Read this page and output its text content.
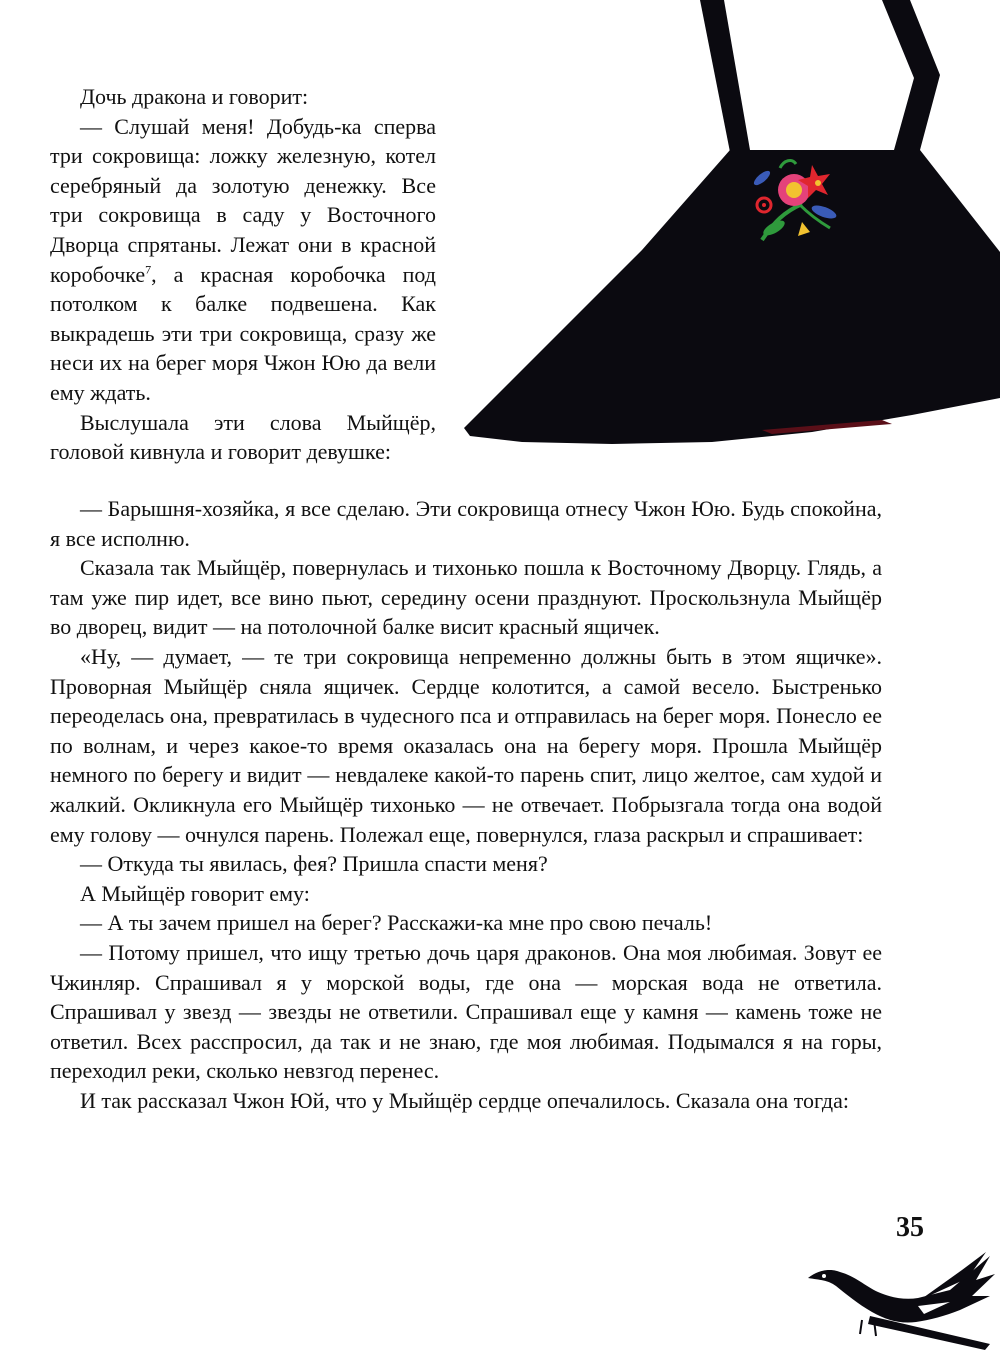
Дочь дракона и говорит:

— Слушай меня! Добудь-ка сперва три сокровища: ложку железную, котел серебряный да золотую денежку. Все три сокровища в саду у Восточного Дворца спрятаны. Лежат они в красной коробочке$^7$, а красная коробочка под потолком к балке подвешена. Как выкрадешь эти три сокровища, сразу же неси их на берег моря Чжон Юю да вели ему ждать.

Выслушала эти слова Мыйщёр, головой кивнула и говорит девушке:

— Барышня-хозяйка, я все сделаю. Эти сокровища отнесу Чжон Юю. Будь спокойна, я все исполню.

Сказала так Мыйщёр, повернулась и тихонько пошла к Восточному Дворцу. Глядь, а там уже пир идет, все вино пьют, середину осени празднуют. Проскользнула Мыйщёр во дворец, видит — на потолочной балке висит красный ящичек.

«Ну, — думает, — те три сокровища непременно должны быть в этом ящичке». Проворная Мыйщёр сняла ящичек. Сердце колотится, а самой весело. Быстренько переоделась она, превратилась в чудесного пса и отправилась на берег моря. Понесло ее по волнам, и через какое-то время оказалась она на берегу моря. Прошла Мыйщёр немного по берегу и видит — невдалеке какой-то парень спит, лицо желтое, сам худой и жалкий. Окликнула его Мыйщёр тихонько — не отвечает. Побрызгала тогда она водой ему голову — очнулся парень. Полежал еще, повернулся, глаза раскрыл и спрашивает:

— Откуда ты явилась, фея? Пришла спасти меня?

А Мыйщёр говорит ему:

— А ты зачем пришел на берег? Расскажи-ка мне про свою печаль!

— Потому пришел, что ищу третью дочь царя драконов. Она моя любимая. Зовут ее Чжинляр. Спрашивал я у морской воды, где она — морская вода не ответила. Спрашивал у звезд — звезды не ответили. Спрашивал еще у камня — камень тоже не ответил. Всех расспросил, да так и не знаю, где моя любимая. Подымался я на горы, переходил реки, сколько невзгод перенес.

И так рассказал Чжон Юй, что у Мыйщёр сердце опечалилось. Сказала она тогда:

35
